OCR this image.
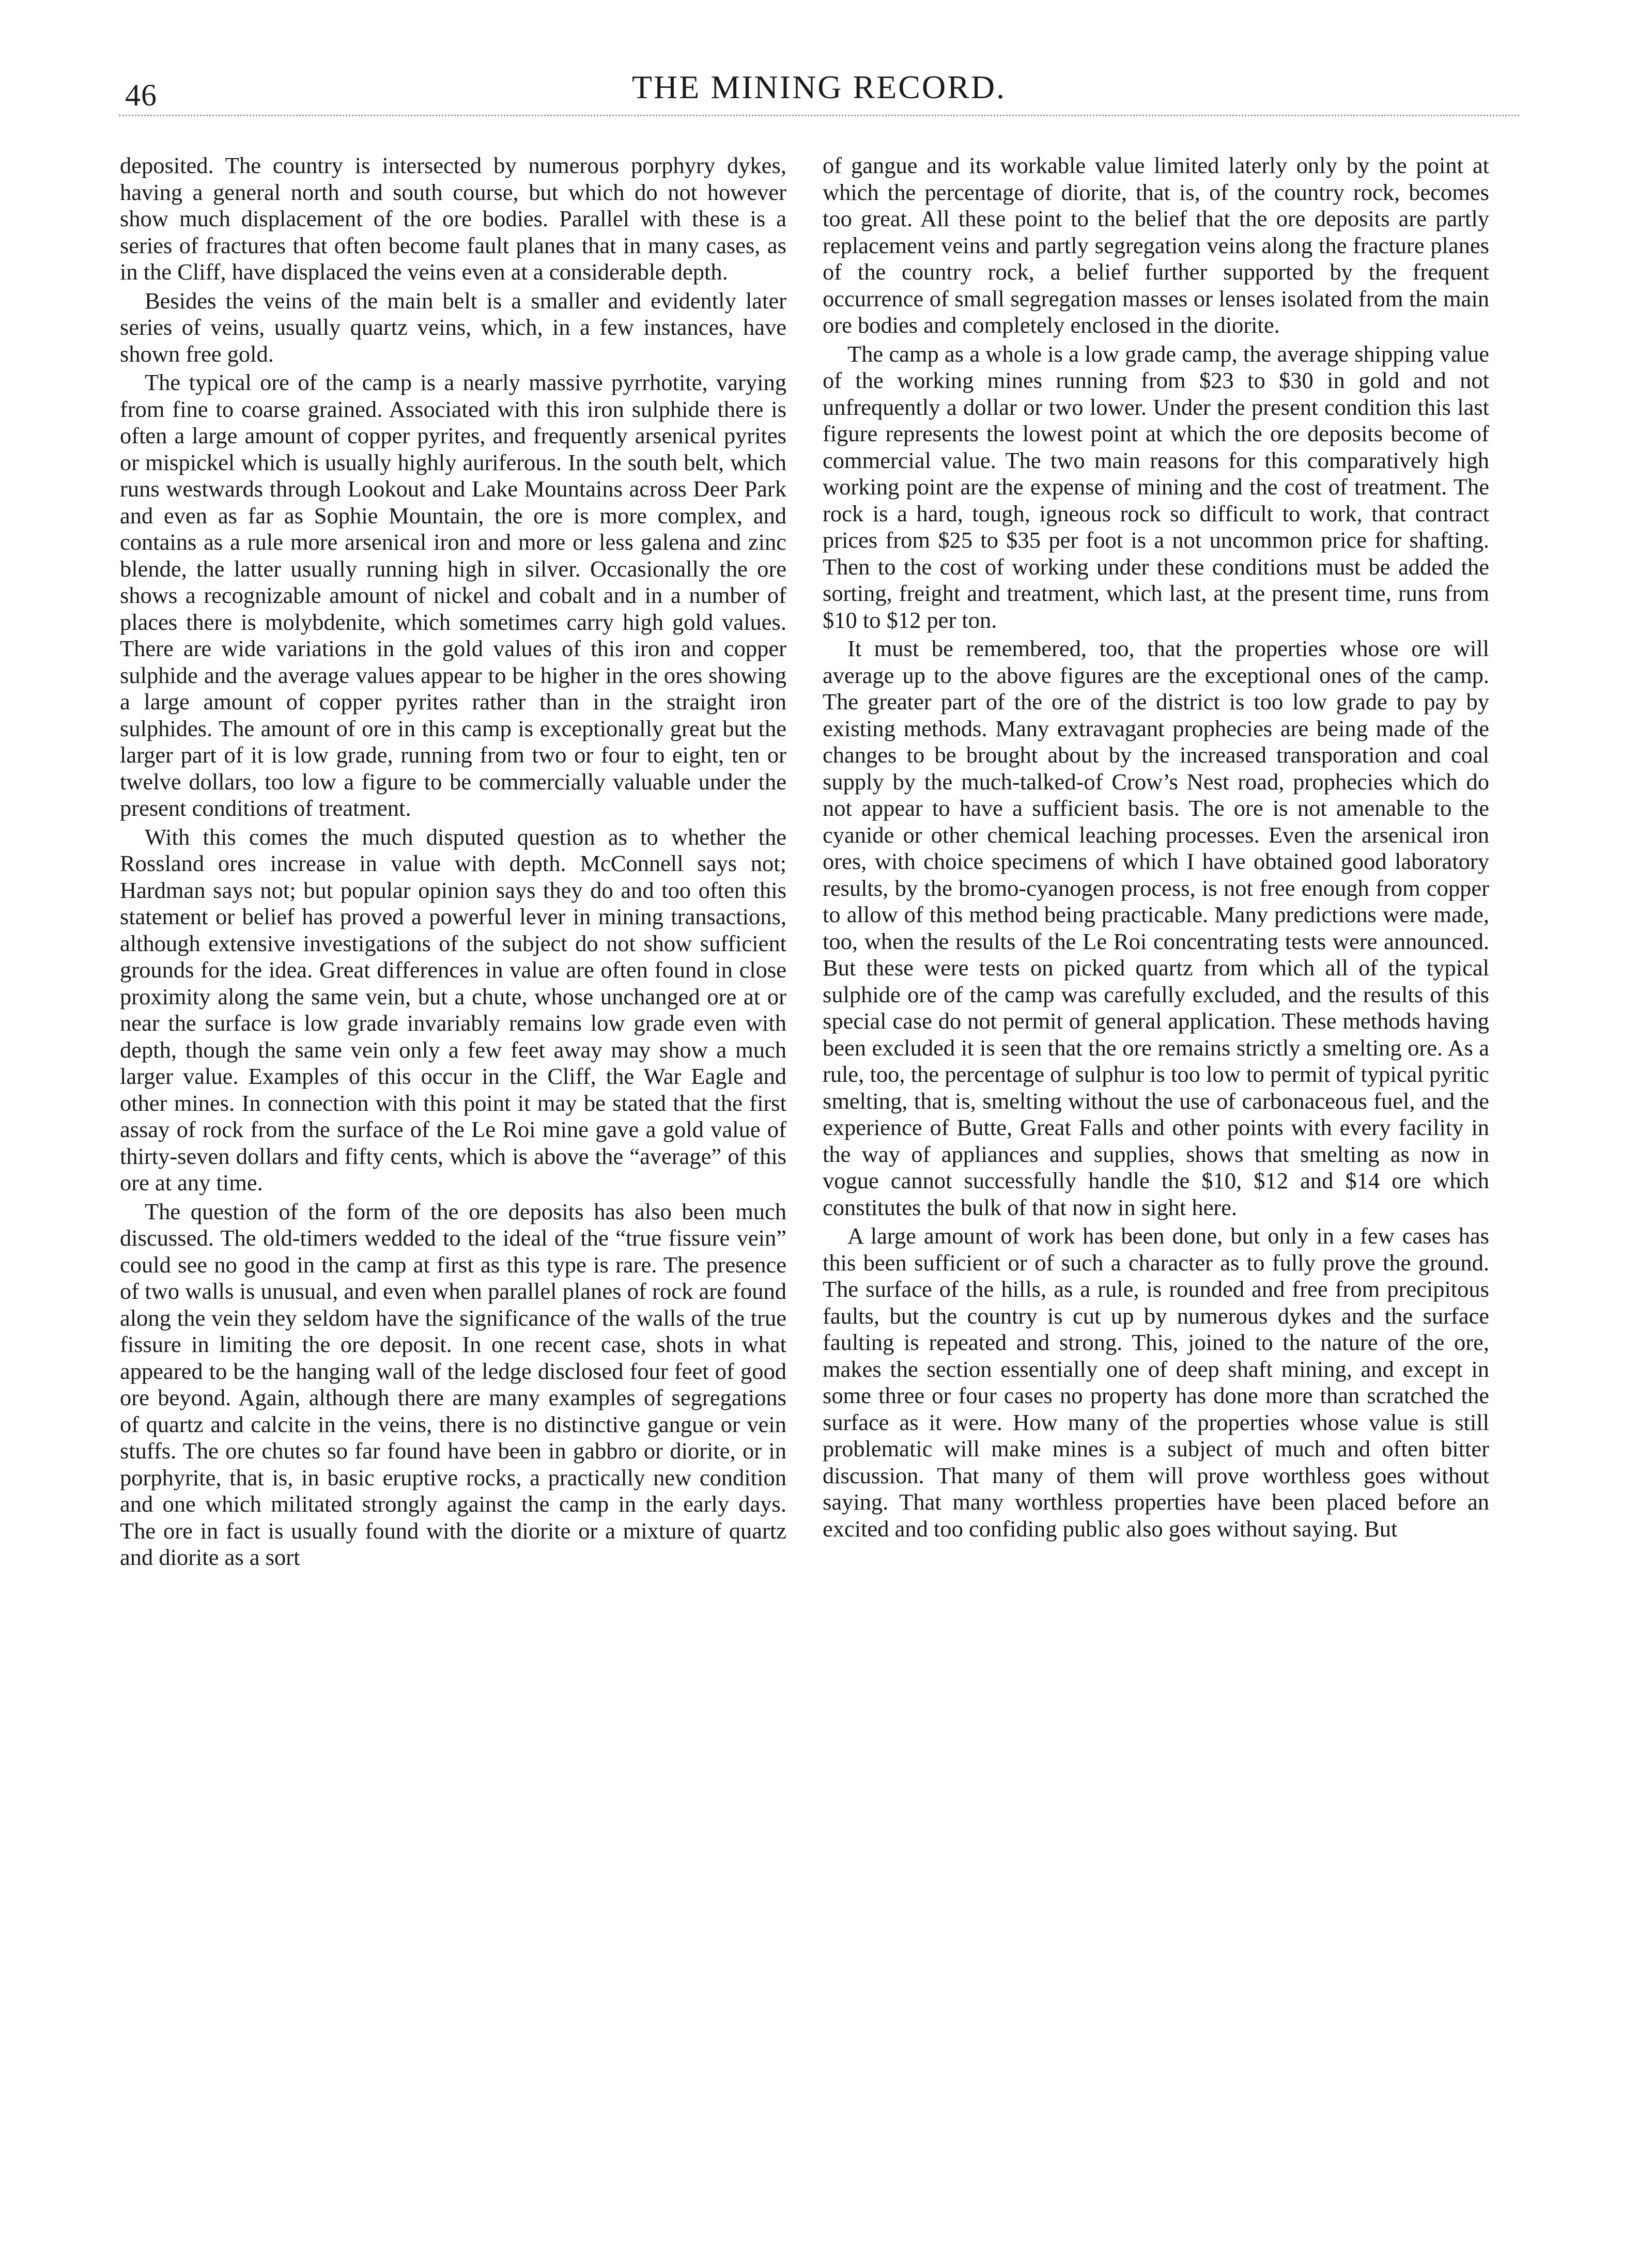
46	THE MINING RECORD.

deposited. The country is intersected by numerous porphyry dykes, having a general north and south course, but which do not however show much displacement of the ore bodies. Parallel with these is a series of fractures that often become fault planes that in many cases, as in the Cliff, have displaced the veins even at a considerable depth.

Besides the veins of the main belt is a smaller and evidently later series of veins, usually quartz veins, which, in a few instances, have shown free gold.

The typical ore of the camp is a nearly massive pyrrhotite, varying from fine to coarse grained. Associated with this iron sulphide there is often a large amount of copper pyrites, and frequently arsenical pyrites or mispickel which is usually highly auriferous. In the south belt, which runs westwards through Lookout and Lake Mountains across Deer Park and even as far as Sophie Mountain, the ore is more complex, and contains as a rule more arsenical iron and more or less galena and zinc blende, the latter usually running high in silver. Occasionally the ore shows a recognizable amount of nickel and cobalt and in a number of places there is molybdenite, which sometimes carry high gold values. There are wide variations in the gold values of this iron and copper sulphide and the average values appear to be higher in the ores showing a large amount of copper pyrites rather than in the straight iron sulphides. The amount of ore in this camp is exceptionally great but the larger part of it is low grade, running from two or four to eight, ten or twelve dollars, too low a figure to be commercially valuable under the present conditions of treatment.

With this comes the much disputed question as to whether the Rossland ores increase in value with depth. McConnell says not; Hardman says not; but popular opinion says they do and too often this statement or belief has proved a powerful lever in mining transactions, although extensive investigations of the subject do not show sufficient grounds for the idea. Great differences in value are often found in close proximity along the same vein, but a chute, whose unchanged ore at or near the surface is low grade invariably remains low grade even with depth, though the same vein only a few feet away may show a much larger value. Examples of this occur in the Cliff, the War Eagle and other mines. In connection with this point it may be stated that the first assay of rock from the surface of the Le Roi mine gave a gold value of thirty-seven dollars and fifty cents, which is above the “average” of this ore at any time.

The question of the form of the ore deposits has also been much discussed. The old-timers wedded to the ideal of the “true fissure vein” could see no good in the camp at first as this type is rare. The presence of two walls is unusual, and even when parallel planes of rock are found along the vein they seldom have the significance of the walls of the true fissure in limiting the ore deposit. In one recent case, shots in what appeared to be the hanging wall of the ledge disclosed four feet of good ore beyond. Again, although there are many examples of segregations of quartz and calcite in the veins, there is no distinctive gangue or vein stuffs. The ore chutes so far found have been in gabbro or diorite, or in porphyrite, that is, in basic eruptive rocks, a practically new condition and one which militated strongly against the camp in the early days. The ore in fact is usually found with the diorite or a mixture of quartz and diorite as a sort

of gangue and its workable value limited laterly only by the point at which the percentage of diorite, that is, of the country rock, becomes too great. All these point to the belief that the ore deposits are partly replacement veins and partly segregation veins along the fracture planes of the country rock, a belief further supported by the frequent occurrence of small segregation masses or lenses isolated from the main ore bodies and completely enclosed in the diorite.

The camp as a whole is a low grade camp, the average shipping value of the working mines running from $23 to $30 in gold and not unfrequently a dollar or two lower. Under the present condition this last figure represents the lowest point at which the ore deposits become of commercial value. The two main reasons for this comparatively high working point are the expense of mining and the cost of treatment. The rock is a hard, tough, igneous rock so difficult to work, that contract prices from $25 to $35 per foot is a not uncommon price for shafting. Then to the cost of working under these conditions must be added the sorting, freight and treatment, which last, at the present time, runs from $10 to $12 per ton.

It must be remembered, too, that the properties whose ore will average up to the above figures are the exceptional ones of the camp. The greater part of the ore of the district is too low grade to pay by existing methods. Many extravagant prophecies are being made of the changes to be brought about by the increased transporation and coal supply by the much-talked-of Crow’s Nest road, prophecies which do not appear to have a sufficient basis. The ore is not amenable to the cyanide or other chemical leaching processes. Even the arsenical iron ores, with choice specimens of which I have obtained good laboratory results, by the bromo-cyanogen process, is not free enough from copper to allow of this method being practicable. Many predictions were made, too, when the results of the Le Roi concentrating tests were announced. But these were tests on picked quartz from which all of the typical sulphide ore of the camp was carefully excluded, and the results of this special case do not permit of general application. These methods having been excluded it is seen that the ore remains strictly a smelting ore. As a rule, too, the percentage of sulphur is too low to permit of typical pyritic smelting, that is, smelting without the use of carbonaceous fuel, and the experience of Butte, Great Falls and other points with every facility in the way of appliances and supplies, shows that smelting as now in vogue cannot successfully handle the $10, $12 and $14 ore which constitutes the bulk of that now in sight here.

A large amount of work has been done, but only in a few cases has this been sufficient or of such a character as to fully prove the ground. The surface of the hills, as a rule, is rounded and free from precipitous faults, but the country is cut up by numerous dykes and the surface faulting is repeated and strong. This, joined to the nature of the ore, makes the section essentially one of deep shaft mining, and except in some three or four cases no property has done more than scratched the surface as it were. How many of the properties whose value is still problematic will make mines is a subject of much and often bitter discussion. That many of them will prove worthless goes without saying. That many worthless properties have been placed before an excited and too confiding public also goes without saying. But
